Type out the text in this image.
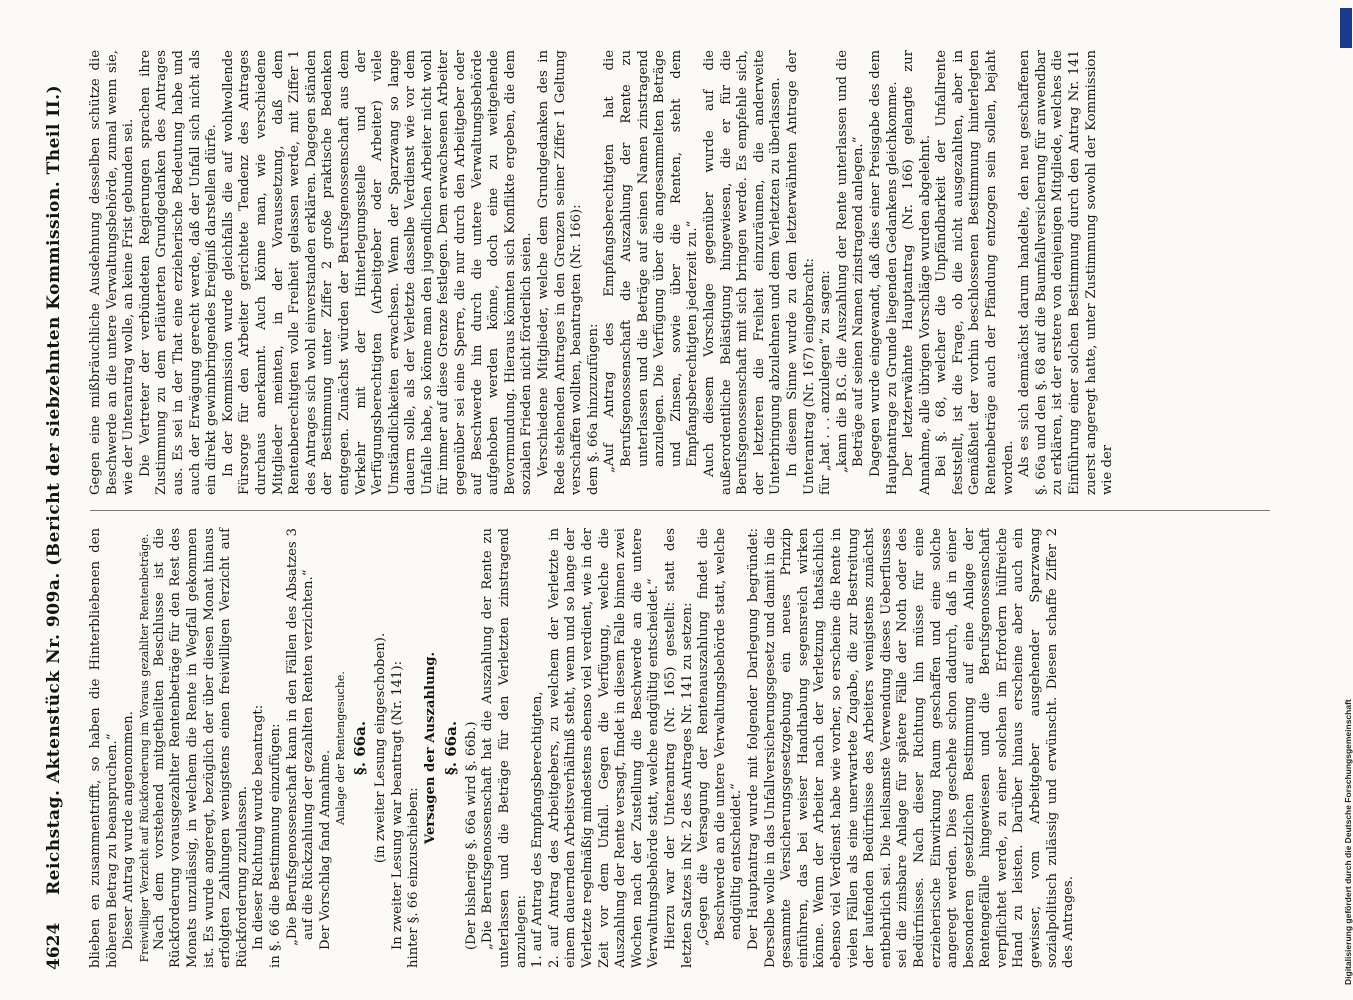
4624
Reichstag. Aktenstück Nr. 909a. (Bericht der siebzehnten Kommission. Theil II.) blieben en zusammentrifft, so haben die Hinterbliebenen den höheren Betrag zu beanspruchen.“ Dieser Antrag wurde angenommen. Freiwilliger Verzicht auf Rückforderung im Voraus gezahlter Rentenbeträge. Nach dem vorstehend mitgetheilten Beschlusse ist die Rückforderung vorausgezahlter Rentenbeträge für den Rest des Monats unzulässig, in welchem die Rente in Wegfall gekommen ist. Es wurde angeregt, bezüglich der über diesen Monat hinaus erfolgten Zahlungen wenigstens einen freiwilligen Verzicht auf Rückforderung zuzulassen. In dieser Richtung wurde beantragt: in §. 66 die Bestimmung einzufügen: „Die Berufsgenossenschaft kann in den Fällen des Absatzes 3 auf die Rückzahlung der gezahlten Renten verzichten.“ Der Vorschlag fand Annahme.

Anlage der Rentengesuche. §. 66a. (in zweiter Lesung eingeschoben). In zweiter Lesung war beantragt (Nr. 141): hinter §. 66 einzuschieben:

Versagen der Auszahlung. §. 66a. (Der bisherige §. 66a wird §. 66b.) „Die Berufsgenossenschaft hat die Auszahlung der Rente zu unterlassen und die Beträge für den Verletzten zinstragend anzulegen: 1. auf Antrag des Empfangsberechtigten, 2. auf Antrag des Arbeitgebers, zu welchem der Verletzte in einem dauernden Arbeitsverhältniß steht, wenn und so lange der Verletzte regelmäßig mindestens ebenso viel verdient, wie in der Zeit vor dem Unfall. Gegen die Verfügung, welche die Auszahlung der Rente versagt, findet in diesem Falle binnen zwei Wochen nach der Zustellung die Beschwerde an die untere Verwaltungsbehörde statt, welche endgültig entscheidet.“ Hierzu war der Unterantrag (Nr. 165) gestellt: statt des letzten Satzes in Nr. 2 des Antrages Nr. 141 zu setzen: „Gegen die Versagung der Rentenauszahlung findet die Beschwerde an die untere Verwaltungsbehörde statt, welche endgültig entscheidet.“ Der Hauptantrag wurde mit folgender Darlegung begründet: Derselbe wolle in das Unfallversicherungsgesetz und damit in die gesammte Versicherungsgesetzgebung ein neues Prinzip einführen, das bei weiser Handhabung segensreich wirken könne. Wenn der Arbeiter nach der Verletzung thatsächlich ebenso viel Verdienst habe wie vorher, so erscheine die Rente in vielen Fällen als eine unerwartete Zugabe, die zur Bestreitung der laufenden Bedürfnisse des Arbeiters wenigstens zunächst entbehrlich sei. Die heilsamste Verwendung dieses Ueberflusses sei die zinsbare Anlage für spätere Fälle der Noth oder des Bedürfnisses. Nach dieser Richtung hin müsse für eine erzieherische Einwirkung Raum geschaffen und eine solche angeregt werden. Dies geschehe schon dadurch, daß in einer besonderen gesetzlichen Bestimmung auf eine Anlage der Rentengefälle hingewiesen und die Berufsgenossenschaft verpflichtet werde, zu einer solchen im Erfordern hülfreiche Hand zu leisten. Darüber hinaus erscheine aber auch ein gewisser, vom Arbeitgeber ausgehender Sparzwang sozialpolitisch zulässig und erwünscht. Diesen schaffe Ziffer 2 des Antrages.

Gegen eine mißbräuchliche Ausdehnung desselben schütze die Beschwerde an die untere Verwaltungsbehörde, zumal wenn sie, wie der Unterantrag wolle, an keine Frist gebunden sei. Die Vertreter der verbündeten Regierungen sprachen ihre Zustimmung zu dem erläuterten Grundgedanken des Antrages aus. Es sei in der That eine erzieherische Bedeutung habe und auch der Erwägung gerecht werde, daß der Unfall sich nicht als ein direkt gewinnbringendes Ereigniß darstellen dürfe. In der Kommission wurde gleichfalls die auf wohlwollende Fürsorge für den Arbeiter gerichtete Tendenz des Antrages durchaus anerkannt. Auch könne man, wie verschiedene Mitglieder meinten, in der Voraussetzung, daß dem Rentenberechtigten volle Freiheit gelassen werde, mit Ziffer 1 des Antrages sich wohl einverstanden erklären. Dagegen ständen der Bestimmung unter Ziffer 2 große praktische Bedenken entgegen. Zunächst würden der Berufsgenossenschaft aus dem Verkehr mit der Hinterlegungsstelle und der Verfügungsberechtigten (Arbeitgeber oder Arbeiter) viele Umständlichkeiten erwachsen. Wenn der Sparzwang so lange dauern solle, als der Verletzte dasselbe Verdienst wie vor dem Unfalle habe, so könne man den jugendlichen Arbeiter nicht wohl für immer auf diese Grenze festlegen. Dem erwachsenen Arbeiter gegenüber sei eine Sperre, die nur durch den Arbeitgeber oder auf Beschwerde hin durch die untere Verwaltungsbehörde aufgehoben werden könne, doch eine zu weitgehende Bevormundung. Hieraus könnten sich Konflikte ergeben, die dem sozialen Frieden nicht förderlich seien. Verschiedene Mitglieder, welche dem Grundgedanken des in Rede stehenden Antrages in den Grenzen seiner Ziffer 1 Geltung verschaffen wollten, beantragten (Nr. 166): dem §. 66a hinzuzufügen: „Auf Antrag des Empfangsberechtigten hat die Berufsgenossenschaft die Auszahlung der Rente zu unterlassen und die Beträge auf seinen Namen zinstragend anzulegen. Die Verfügung über die angesammelten Beträge und Zinsen, sowie über die Renten, steht dem Empfangsberechtigten jederzeit zu.“ Auch diesem Vorschlage gegenüber wurde auf die außerordentliche Belästigung hingewiesen, die er für die Berufsgenossenschaft mit sich bringen werde. Es empfehle sich, der letzteren die Freiheit einzuräumen, die anderweite Unterbringung abzulehnen und dem Verletzten zu überlassen. In diesem Sinne wurde zu dem letzterwähnten Antrage der Unterantrag (Nr. 167) eingebracht: für „hat . . . anzulegen“ zu sagen: „kann die B.G. die Auszahlung der Rente unterlassen und die Beträge auf seinen Namen zinstragend anlegen.“ Dagegen wurde eingewandt, daß dies einer Preisgabe des dem Hauptantrage zu Grunde liegenden Gedankens gleichkomme. Der letzterwähnte Hauptantrag (Nr. 166) gelangte zur Annahme, alle übrigen Vorschläge wurden abgelehnt. Bei §. 68, welcher die Unpfändbarkeit der Unfallrente feststellt, ist die Frage, ob die nicht ausgezahlten, aber in Gemäßheit der vorhin beschlossenen Bestimmung hinterlegten Rentenbeträge auch der Pfändung entzogen sein sollen, bejaht worden. Als es sich demnächst darum handelte, den neu geschaffenen §. 66a und den §. 68 auf die Baumfallversicherung für anwendbar zu erklären, ist der erstere von denjenigen Mitgliede, welches die Einführung einer solchen Bestimmung durch den Antrag Nr. 141 zuerst angeregt hatte, unter Zustimmung sowohl der Kommission wie der

Digitalisierung gefördert durch die Deutsche Forschungsgemeinschaft
